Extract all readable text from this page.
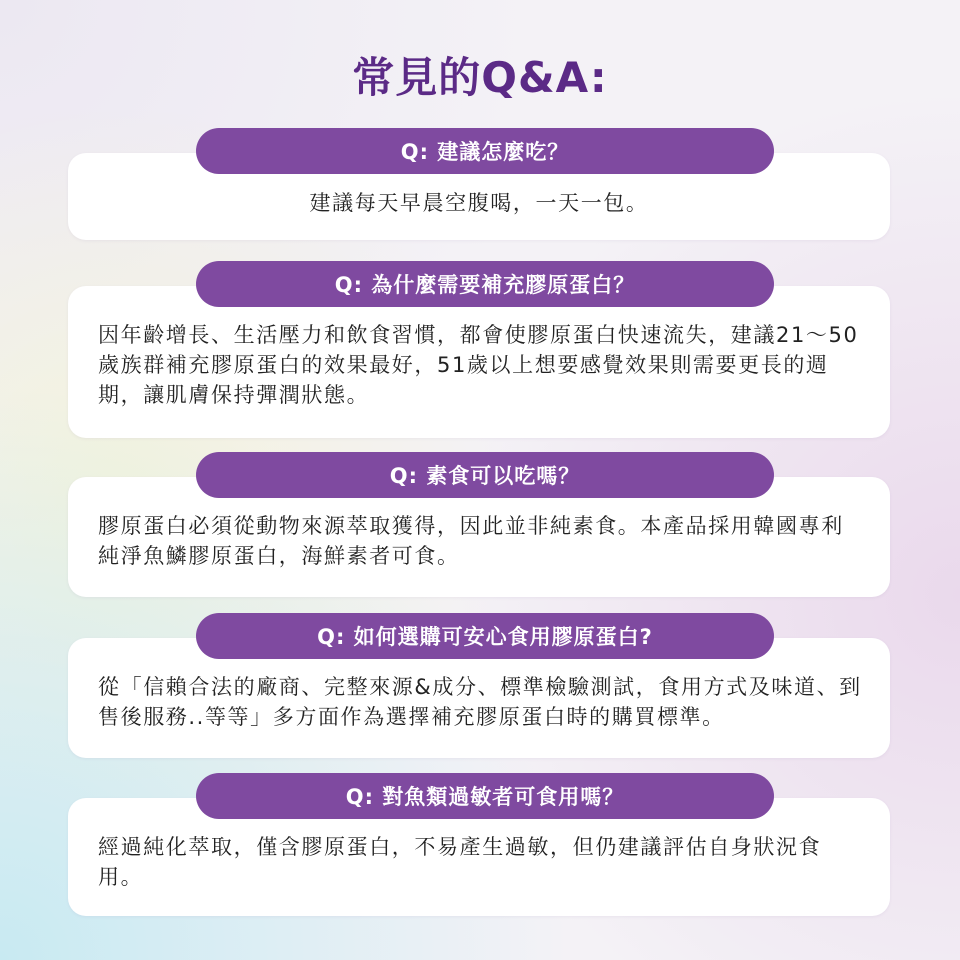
常見的Q&A:
Q: 建議怎麼吃？
建議每天早晨空腹喝，一天一包。
Q: 為什麼需要補充膠原蛋白？
因年齡增長、生活壓力和飲食習慣，都會使膠原蛋白快速流失，建議21～50歲族群補充膠原蛋白的效果最好，51歲以上想要感覺效果則需要更長的週期，讓肌膚保持彈潤狀態。
Q: 素食可以吃嗎？
膠原蛋白必須從動物來源萃取獲得，因此並非純素食。本產品採用韓國專利純淨魚鱗膠原蛋白，海鮮素者可食。
Q: 如何選購可安心食用膠原蛋白?
從「信賴合法的廠商、完整來源&成分、標準檢驗測試，食用方式及味道、到售後服務..等等」多方面作為選擇補充膠原蛋白時的購買標準。
Q: 對魚類過敏者可食用嗎？
經過純化萃取，僅含膠原蛋白，不易產生過敏，但仍建議評估自身狀況食用。
